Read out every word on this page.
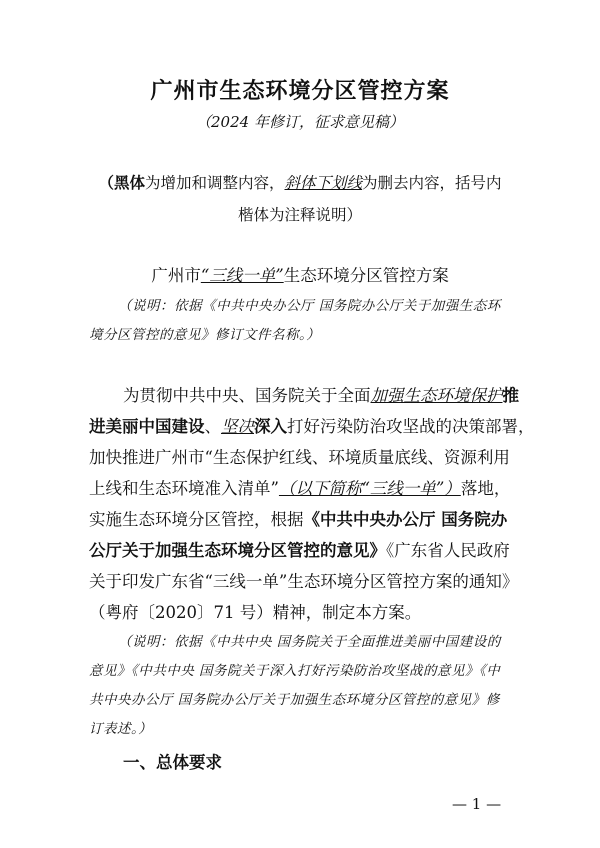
广州市生态环境分区管控方案
（2024 年修订，征求意见稿）
（黑体为增加和调整内容，斜体下划线为删去内容，括号内
楷体为注释说明）
广州市“三线一单”生态环境分区管控方案
（说明：依据《中共中央办公厅 国务院办公厅关于加强生态环
境分区管控的意见》修订文件名称。）
为贯彻中共中央、国务院关于全面加强生态环境保护推
进美丽中国建设、坚决深入打好污染防治攻坚战的决策部署，
加快推进广州市“生态保护红线、环境质量底线、资源利用
上线和生态环境准入清单”（以下简称“三线一单”）落地，
实施生态环境分区管控，根据《中共中央办公厅 国务院办
公厅关于加强生态环境分区管控的意见》《广东省人民政府
关于印发广东省“三线一单”生态环境分区管控方案的通知》
（粤府〔2020〕71 号）精神，制定本方案。
（说明：依据《中共中央 国务院关于全面推进美丽中国建设的
意见》《中共中央 国务院关于深入打好污染防治攻坚战的意见》《中
共中央办公厅 国务院办公厅关于加强生态环境分区管控的意见》修
订表述。）
一、总体要求
— 1 —
